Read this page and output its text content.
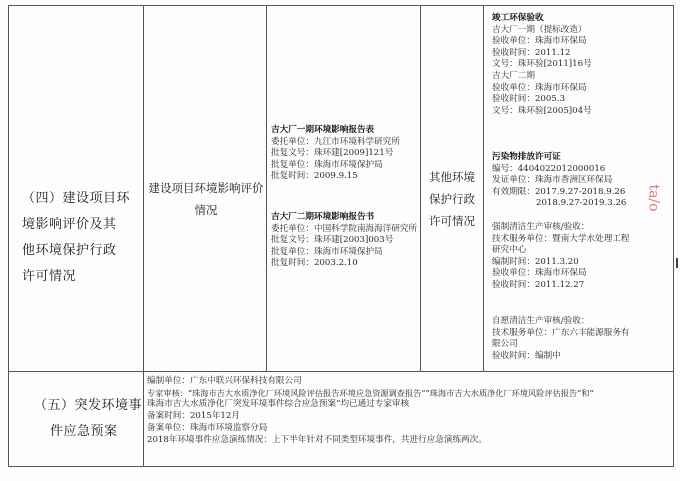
（四）建设项目环
境影响评价及其
他环境保护行政
许可情况
建设项目环境影响评价
情况
吉大厂一期环境影响报告表
委托单位：九江市环境科学研究所
批复文号：珠环建[2009]121号
批复单位：珠海市环境保护局
批复时间：2009.9.15
吉大厂二期环境影响报告书
委托单位：中国科学院南海海洋研究所
批复文号：珠环建[2003]003号
批复单位：珠海市环境保护局
批复时间：2003.2.10
其他环境
保护行政
许可情况
竣工环保验收
吉大厂一期（提标改造）
验收单位：珠海市环保局
验收时间：2011.12
文号：珠环验[2011]16号
吉大厂二期
验收单位：珠海市环保局
验收时间：2005.3
文号：珠环验[2005]04号
污染物排放许可证
编号：4404022012000016
发证单位：珠海市香洲区环保局
有效期限：2017.9.27-2018.9.26
2018.9.27-2019.3.26
强制清洁生产审核/验收：
技术服务单位：暨南大学水处理工程
研究中心
编制时间：2011.3.20
验收单位：珠海市环保局
验收时间：2011.12.27
自愿清洁生产审核/验收：
技术服务单位：广东六丰能源服务有
限公司
验收时间：编制中
（五）突发环境事
件应急预案
编制单位：广东中联兴环保科技有限公司
专家审核：“珠海市吉大水质净化厂环境风险评估报告环境应急资源调查报告”“珠海市吉大水质净化厂环境风险评估报告”和“
珠海市吉大水质净化厂突发环境事件综合应急预案”均已通过专家审核
备案时间：2015年12月
备案单位：珠海市环境监察分局
2018年环境事件应急演练情况：上下半年针对不同类型环境事件，共进行应急演练两次。
ta/o
